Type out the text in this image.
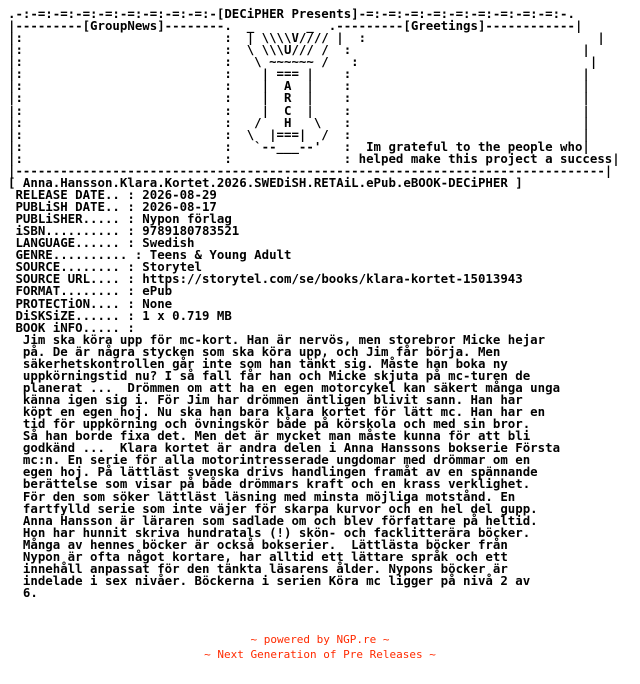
.-:-=:-=:-=:-=:-=:-=:-=:-=:-[DECiPHER Presents]-=:-=:-=:-=:-=:-=:-=:-=:-=:-.
|---------[GroupNews]--------.  _       _  .---------[Greetings]------------|
|:                           :  | \\\\V//// |  :                               |
|:                           :  \ \\\U/// /  :                               |
|:                           :   \ ~~~~~~ /   :                               |
|:                           :    | === |    :                               |
|:                           :    |  A  |    :                               |
|:                           :    |  R  |    :                               |
|:                           :    |  C  |    :                               |
|:                           :   /   H   \   :                               |
|:                           :  \  |===|  /  :                               |
|:                           :   `--___--'   :  Im grateful to the people who|
|:                           :               : helped make this project a success|
|-------------------------------------------------------------------------------|
[ Anna.Hansson.Klara.Kortet.2026.SWEDiSH.RETAiL.ePub.eBOOK-DECiPHER ]
RELEASE DATE.. : 2026-08-29
PUBLiSH DATE.. : 2026-08-17
PUBLiSHER..... : Nypon förlag
iSBN.......... : 9789180783521
LANGUAGE...... : Swedish
GENRE.......... : Teens & Young Adult
SOURCE........ : Storytel
SOURCE URL.... : https://storytel.com/se/books/klara-kortet-15013943
FORMAT........ : ePub
PROTECTiON.... : None
DiSKSiZE...... : 1 x 0.719 MB
BOOK iNFO..... :
Jim ska köra upp för mc-kort. Han är nervös, men storebror Micke hejar
på. De är några stycken som ska köra upp, och Jim får börja. Men
säkerhetskontrollen går inte som han tänkt sig. Måste han boka ny
uppkörningstid nu? I så fall får han och Micke skjuta på mc-turen de
planerat ...  Drömmen om att ha en egen motorcykel kan säkert många unga
känna igen sig i. För Jim har drömmen äntligen blivit sann. Han har
köpt en egen hoj. Nu ska han bara klara kortet för lätt mc. Han har en
tid för uppkörning och övningskör både på körskola och med sin bror.
Så han borde fixa det. Men det är mycket man måste kunna för att bli
godkänd ...  Klara kortet är andra delen i Anna Hanssons bokserie Första
mc:n. En serie för alla motorintresserade ungdomar med drömmar om en
egen hoj. På lättläst svenska drivs handlingen framåt av en spännande
berättelse som visar på både drömmars kraft och en krass verklighet.
För den som söker lättläst läsning med minsta möjliga motstånd. En
fartfylld serie som inte väjer för skarpa kurvor och en hel del gupp.
Anna Hansson är läraren som sadlade om och blev författare på heltid.
Hon har hunnit skriva hundratals (!) skön- och facklitterära böcker.
Många av hennes böcker är också bokserier.  Lättlästa böcker från
Nypon är ofta något kortare, har alltid ett lättare språk och ett
innehåll anpassat för den tänkta läsarens ålder. Nypons böcker är
indelade i sex nivåer. Böckerna i serien Köra mc ligger på nivå 2 av
6.

~ powered by NGP.re ~
~ Next Generation of Pre Releases ~
